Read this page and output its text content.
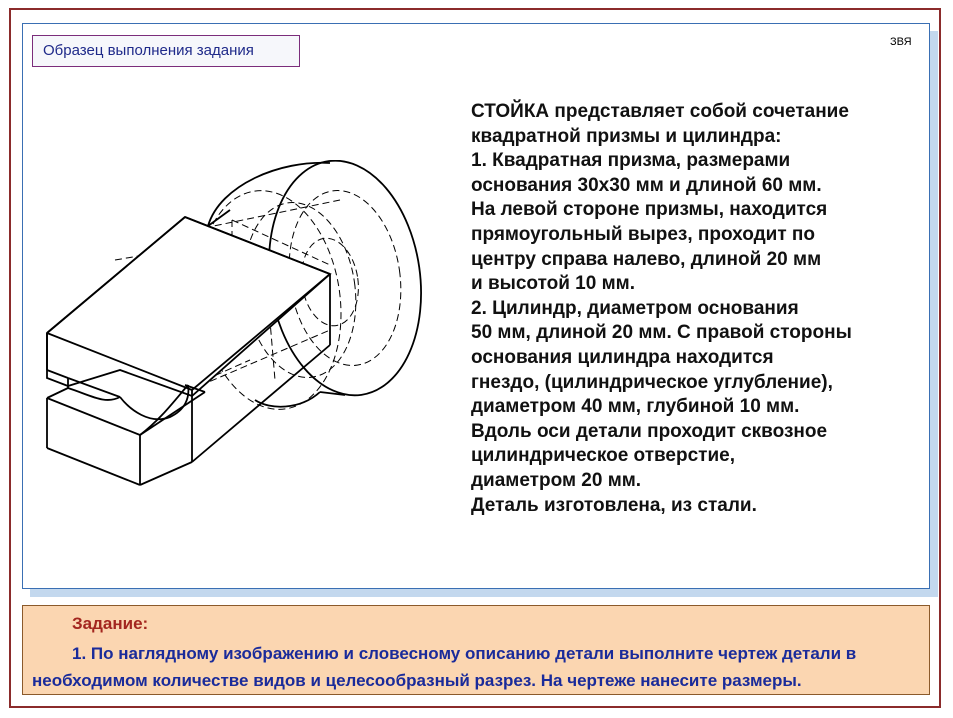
Образец выполнения задания	ЗВЯ
СТОЙКА представляет собой сочетание
квадратной призмы и цилиндра:
1. Квадратная призма, размерами
основания 30х30 мм и длиной 60 мм.
На левой стороне призмы, находится
прямоугольный вырез, проходит по
центру справа налево, длиной 20 мм
и высотой 10 мм.
2. Цилиндр, диаметром основания
50 мм, длиной 20 мм. С правой стороны
основания цилиндра находится
гнездо, (цилиндрическое углубление),
диаметром 40 мм, глубиной 10 мм.
Вдоль оси детали проходит сквозное
цилиндрическое отверстие,
диаметром 20 мм.
Деталь изготовлена, из стали.
Задание:
1. По наглядному изображению и словесному описанию детали выполните чертеж детали в
необходимом количестве видов и целесообразный разрез. На чертеже нанесите размеры.
